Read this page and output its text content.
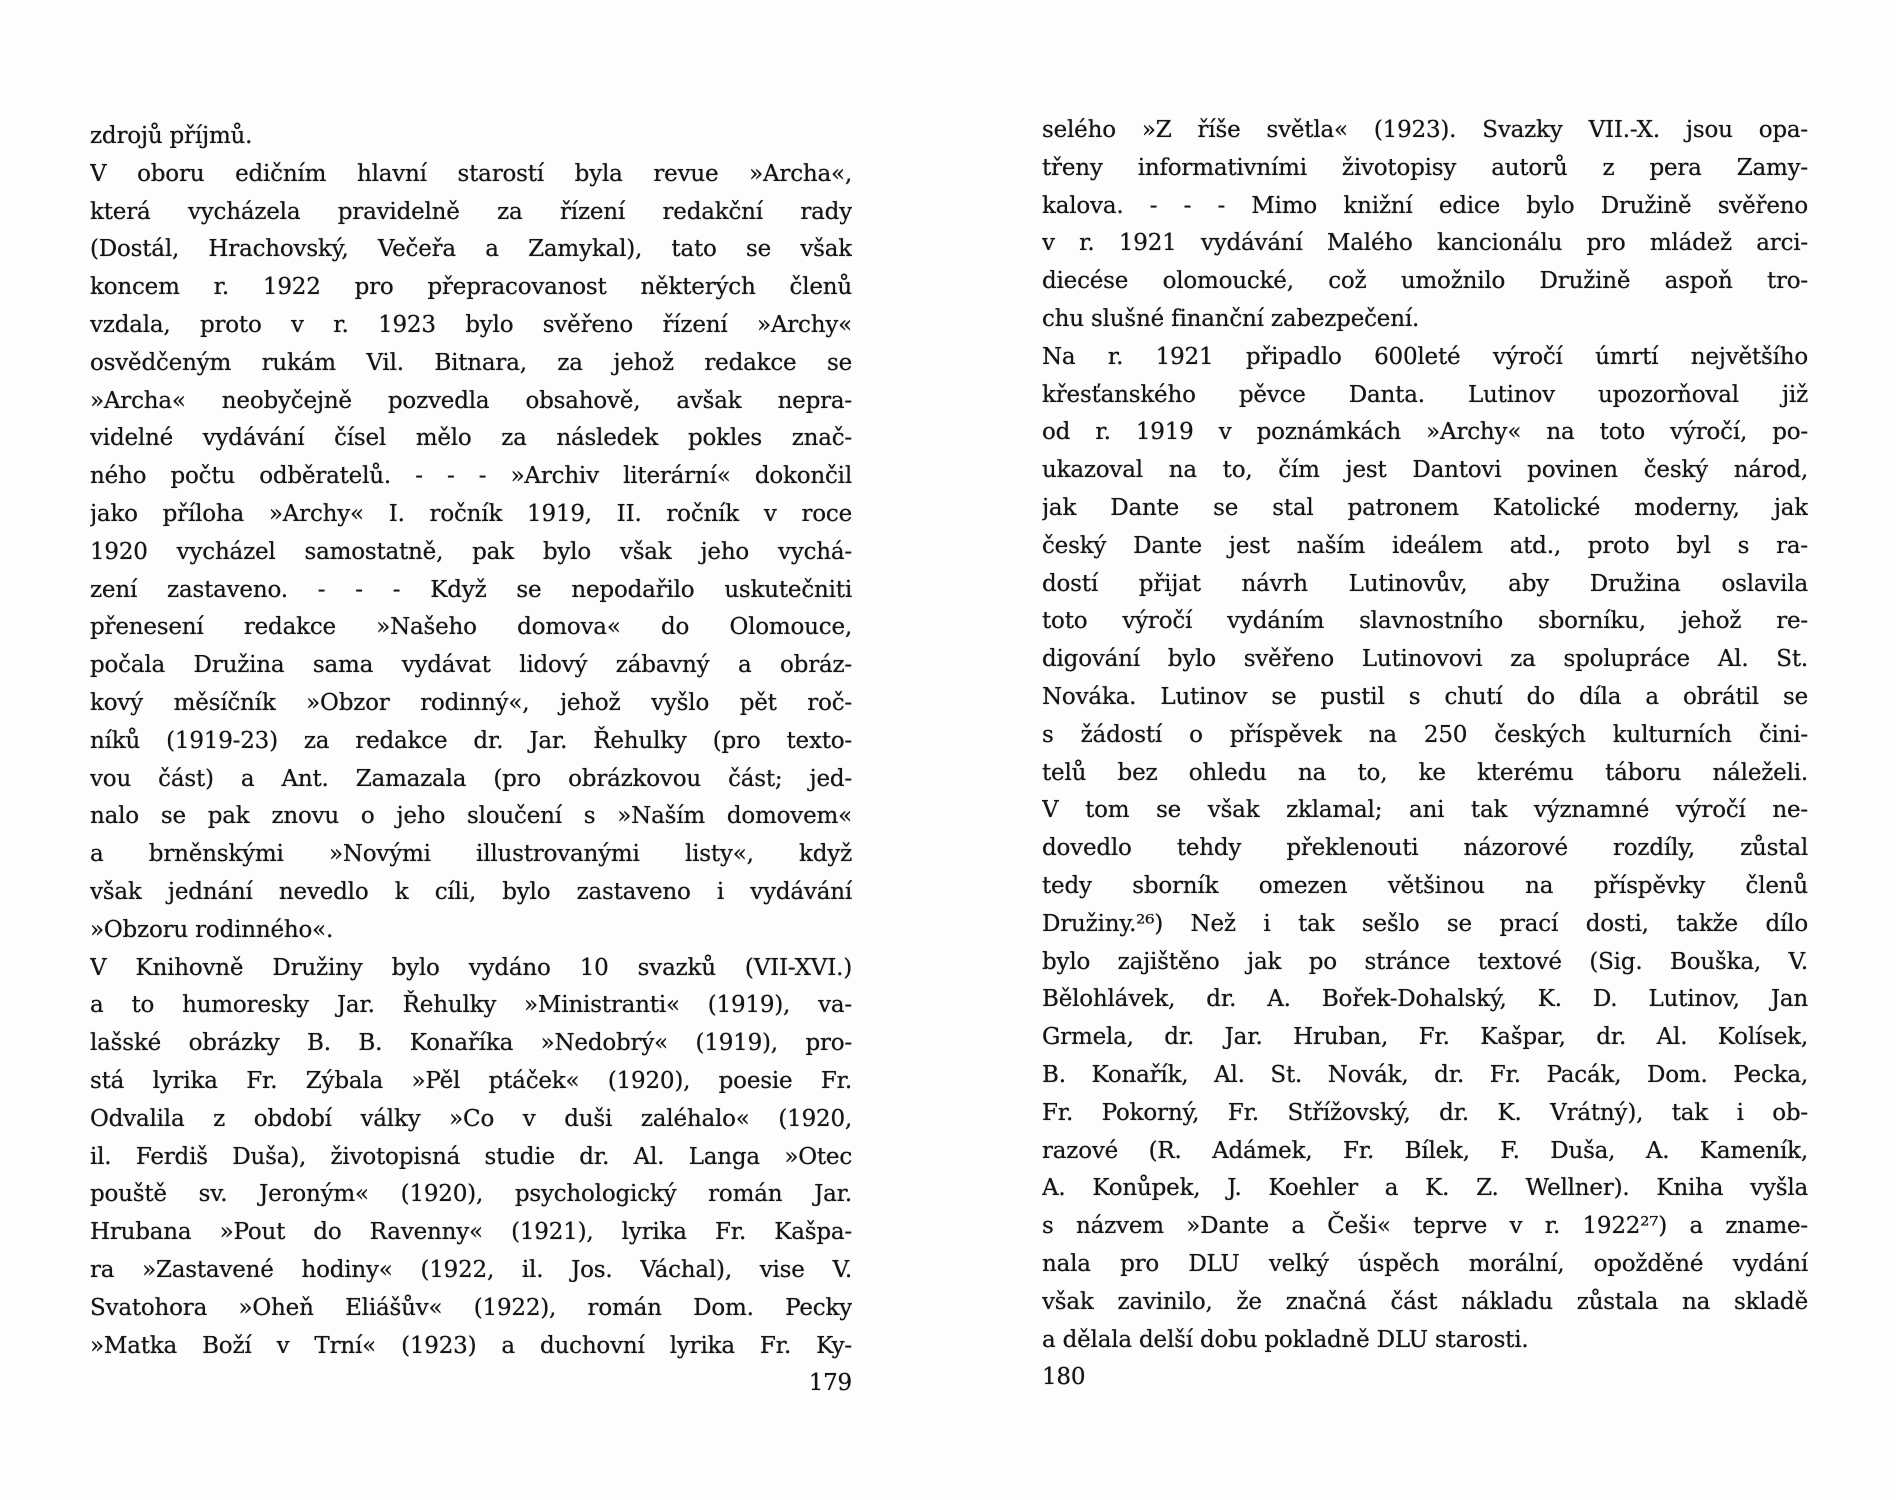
zdrojů příjmů.
V oboru edičním hlavní starostí byla revue »Archa«,
která vycházela pravidelně za řízení redakční rady
(Dostál, Hrachovský, Večeřa a Zamykal), tato se však
koncem r. 1922 pro přepracovanost některých členů
vzdala, proto v r. 1923 bylo svěřeno řízení »Archy«
osvědčeným rukám Vil. Bitnara, za jehož redakce se
»Archa« neobyčejně pozvedla obsahově, avšak nepra-
videlné vydávání čísel mělo za následek pokles znač-
ného počtu odběratelů. - - - »Archiv literární« dokončil
jako příloha »Archy« I. ročník 1919, II. ročník v roce
1920 vycházel samostatně, pak bylo však jeho vychá-
zení zastaveno. - - - Když se nepodařilo uskutečniti
přenesení redakce »Našeho domova« do Olomouce,
počala Družina sama vydávat lidový zábavný a obráz-
kový měsíčník »Obzor rodinný«, jehož vyšlo pět roč-
níků (1919-23) za redakce dr. Jar. Řehulky (pro texto-
vou část) a Ant. Zamazala (pro obrázkovou část; jed-
nalo se pak znovu o jeho sloučení s »Naším domovem«
a brněnskými »Novými illustrovanými listy«, když
však jednání nevedlo k cíli, bylo zastaveno i vydávání
»Obzoru rodinného«.
V Knihovně Družiny bylo vydáno 10 svazků (VII-XVI.)
a to humoresky Jar. Řehulky »Ministranti« (1919), va-
lašské obrázky B. B. Konaříka »Nedobrý« (1919), pro-
stá lyrika Fr. Zýbala »Pěl ptáček« (1920), poesie Fr.
Odvalila z období války »Co v duši zaléhalo« (1920,
il. Ferdiš Duša), životopisná studie dr. Al. Langa »Otec
pouště sv. Jeroným« (1920), psychologický román Jar.
Hrubana »Pout do Ravenny« (1921), lyrika Fr. Kašpa-
ra »Zastavené hodiny« (1922, il. Jos. Váchal), vise V.
Svatohora »Oheň Eliášův« (1922), román Dom. Pecky
»Matka Boží v Trní« (1923) a duchovní lyrika Fr. Ky-
179
selého »Z říše světla« (1923). Svazky VII.-X. jsou opa-
třeny informativními životopisy autorů z pera Zamy-
kalova. - - - Mimo knižní edice bylo Družině svěřeno
v r. 1921 vydávání Malého kancionálu pro mládež arci-
diecése olomoucké, což umožnilo Družině aspoň tro-
chu slušné finanční zabezpečení.
Na r. 1921 připadlo 600leté výročí úmrtí největšího
křesťanského pěvce Danta. Lutinov upozorňoval již
od r. 1919 v poznámkách »Archy« na toto výročí, po-
ukazoval na to, čím jest Dantovi povinen český národ,
jak Dante se stal patronem Katolické moderny, jak
český Dante jest naším ideálem atd., proto byl s ra-
dostí přijat návrh Lutinovův, aby Družina oslavila
toto výročí vydáním slavnostního sborníku, jehož re-
digování bylo svěřeno Lutinovovi za spolupráce Al. St.
Nováka. Lutinov se pustil s chutí do díla a obrátil se
s žádostí o příspěvek na 250 českých kulturních čini-
telů bez ohledu na to, ke kterému táboru náleželi.
V tom se však zklamal; ani tak významné výročí ne-
dovedlo tehdy překlenouti názorové rozdíly, zůstal
tedy sborník omezen většinou na příspěvky členů
Družiny.²⁶) Než i tak sešlo se prací dosti, takže dílo
bylo zajištěno jak po stránce textové (Sig. Bouška, V.
Bělohlávek, dr. A. Bořek-Dohalský, K. D. Lutinov, Jan
Grmela, dr. Jar. Hruban, Fr. Kašpar, dr. Al. Kolísek,
B. Konařík, Al. St. Novák, dr. Fr. Pacák, Dom. Pecka,
Fr. Pokorný, Fr. Střížovský, dr. K. Vrátný), tak i ob-
razové (R. Adámek, Fr. Bílek, F. Duša, A. Kameník,
A. Konůpek, J. Koehler a K. Z. Wellner). Kniha vyšla
s názvem »Dante a Češi« teprve v r. 1922²⁷) a zname-
nala pro DLU velký úspěch morální, opožděné vydání
však zavinilo, že značná část nákladu zůstala na skladě
a dělala delší dobu pokladně DLU starosti.
180
